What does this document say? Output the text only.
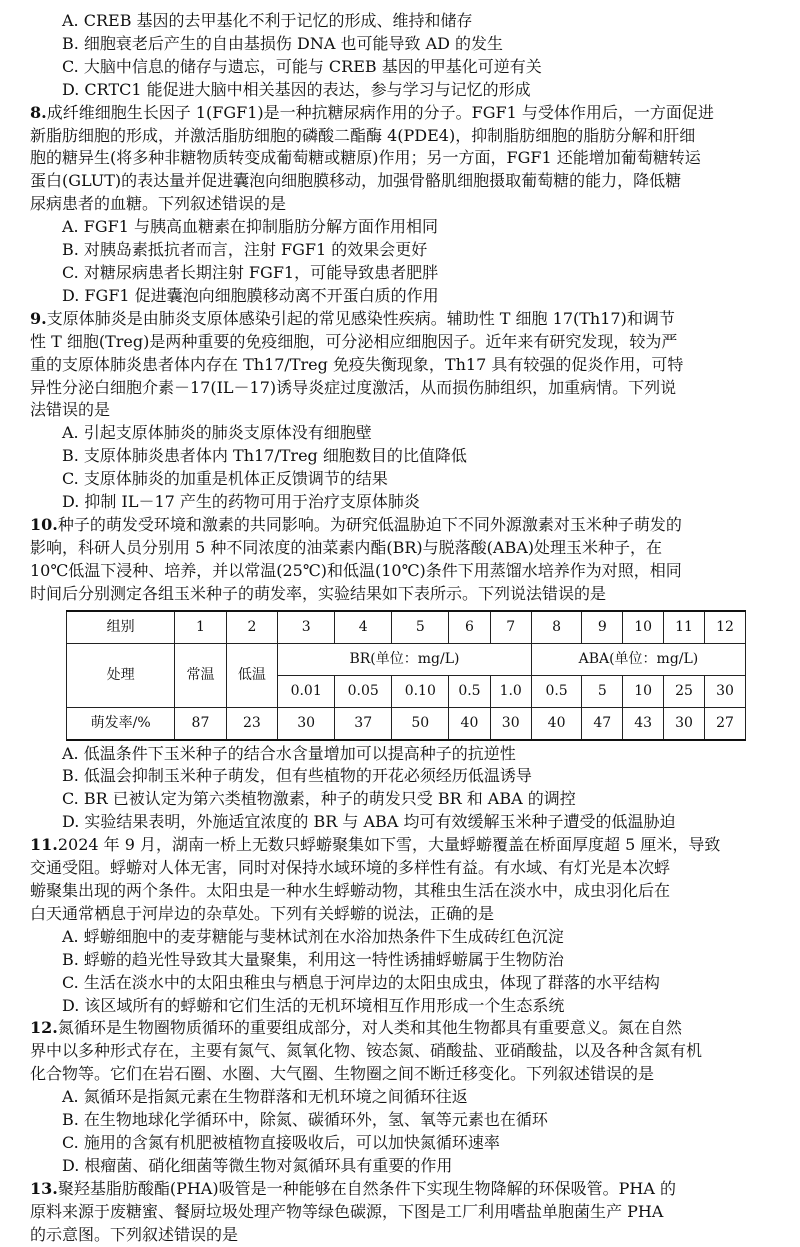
A. CREB 基因的去甲基化不利于记忆的形成、维持和储存
B. 细胞衰老后产生的自由基损伤 DNA 也可能导致 AD 的发生
C. 大脑中信息的储存与遗忘，可能与 CREB 基因的甲基化可逆有关
D. CRTC1 能促进大脑中相关基因的表达，参与学习与记忆的形成
8.成纤维细胞生长因子 1(FGF1)是一种抗糖尿病作用的分子。FGF1 与受体作用后，一方面促进
新脂肪细胞的形成，并激活脂肪细胞的磷酸二酯酶 4(PDE4)，抑制脂肪细胞的脂肪分解和肝细
胞的糖异生(将多种非糖物质转变成葡萄糖或糖原)作用；另一方面，FGF1 还能增加葡萄糖转运
蛋白(GLUT)的表达量并促进囊泡向细胞膜移动，加强骨骼肌细胞摄取葡萄糖的能力，降低糖
尿病患者的血糖。下列叙述错误的是
A. FGF1 与胰高血糖素在抑制脂肪分解方面作用相同
B. 对胰岛素抵抗者而言，注射 FGF1 的效果会更好
C. 对糖尿病患者长期注射 FGF1，可能导致患者肥胖
D. FGF1 促进囊泡向细胞膜移动离不开蛋白质的作用
9.支原体肺炎是由肺炎支原体感染引起的常见感染性疾病。辅助性 T 细胞 17(Th17)和调节
性 T 细胞(Treg)是两种重要的免疫细胞，可分泌相应细胞因子。近年来有研究发现，较为严
重的支原体肺炎患者体内存在 Th17/Treg 免疫失衡现象，Th17 具有较强的促炎作用，可特
异性分泌白细胞介素－17(IL－17)诱导炎症过度激活，从而损伤肺组织，加重病情。下列说
法错误的是
A. 引起支原体肺炎的肺炎支原体没有细胞壁
B. 支原体肺炎患者体内 Th17/Treg 细胞数目的比值降低
C. 支原体肺炎的加重是机体正反馈调节的结果
D. 抑制 IL－17 产生的药物可用于治疗支原体肺炎
10.种子的萌发受环境和激素的共同影响。为研究低温胁迫下不同外源激素对玉米种子萌发的
影响，科研人员分别用 5 种不同浓度的油菜素内酯(BR)与脱落酸(ABA)处理玉米种子，在
10℃低温下浸种、培养，并以常温(25℃)和低温(10℃)条件下用蒸馏水培养作为对照，相同
时间后分别测定各组玉米种子的萌发率，实验结果如下表所示。下列说法错误的是
组别	1	2	3	4	5	6	7	8	9	10	11	12
处理	常温	低温	BR(单位：mg/L)					ABA(单位：mg/L)				
			0.01	0.05	0.10	0.5	1.0	0.5	5	10	25	30
萌发率/%	87	23	30	37	50	40	30	40	47	43	30	27
A. 低温条件下玉米种子的结合水含量增加可以提高种子的抗逆性
B. 低温会抑制玉米种子萌发，但有些植物的开花必须经历低温诱导
C. BR 已被认定为第六类植物激素，种子的萌发只受 BR 和 ABA 的调控
D. 实验结果表明，外施适宜浓度的 BR 与 ABA 均可有效缓解玉米种子遭受的低温胁迫
11.2024 年 9 月，湖南一桥上无数只蜉蝣聚集如下雪，大量蜉蝣覆盖在桥面厚度超 5 厘米，导致
交通受阻。蜉蝣对人体无害，同时对保持水域环境的多样性有益。有水域、有灯光是本次蜉
蝣聚集出现的两个条件。太阳虫是一种水生蜉蝣动物，其稚虫生活在淡水中，成虫羽化后在
白天通常栖息于河岸边的杂草处。下列有关蜉蝣的说法，正确的是
A. 蜉蝣细胞中的麦芽糖能与斐林试剂在水浴加热条件下生成砖红色沉淀
B. 蜉蝣的趋光性导致其大量聚集，利用这一特性诱捕蜉蝣属于生物防治
C. 生活在淡水中的太阳虫稚虫与栖息于河岸边的太阳虫成虫，体现了群落的水平结构
D. 该区域所有的蜉蝣和它们生活的无机环境相互作用形成一个生态系统
12.氮循环是生物圈物质循环的重要组成部分，对人类和其他生物都具有重要意义。氮在自然
界中以多种形式存在，主要有氮气、氮氧化物、铵态氮、硝酸盐、亚硝酸盐，以及各种含氮有机
化合物等。它们在岩石圈、水圈、大气圈、生物圈之间不断迁移变化。下列叙述错误的是
A. 氮循环是指氮元素在生物群落和无机环境之间循环往返
B. 在生物地球化学循环中，除氮、碳循环外，氢、氧等元素也在循环
C. 施用的含氮有机肥被植物直接吸收后，可以加快氮循环速率
D. 根瘤菌、硝化细菌等微生物对氮循环具有重要的作用
13.聚羟基脂肪酸酯(PHA)吸管是一种能够在自然条件下实现生物降解的环保吸管。PHA 的
原料来源于废糖蜜、餐厨垃圾处理产物等绿色碳源，下图是工厂利用嗜盐单胞菌生产 PHA
的示意图。下列叙述错误的是
